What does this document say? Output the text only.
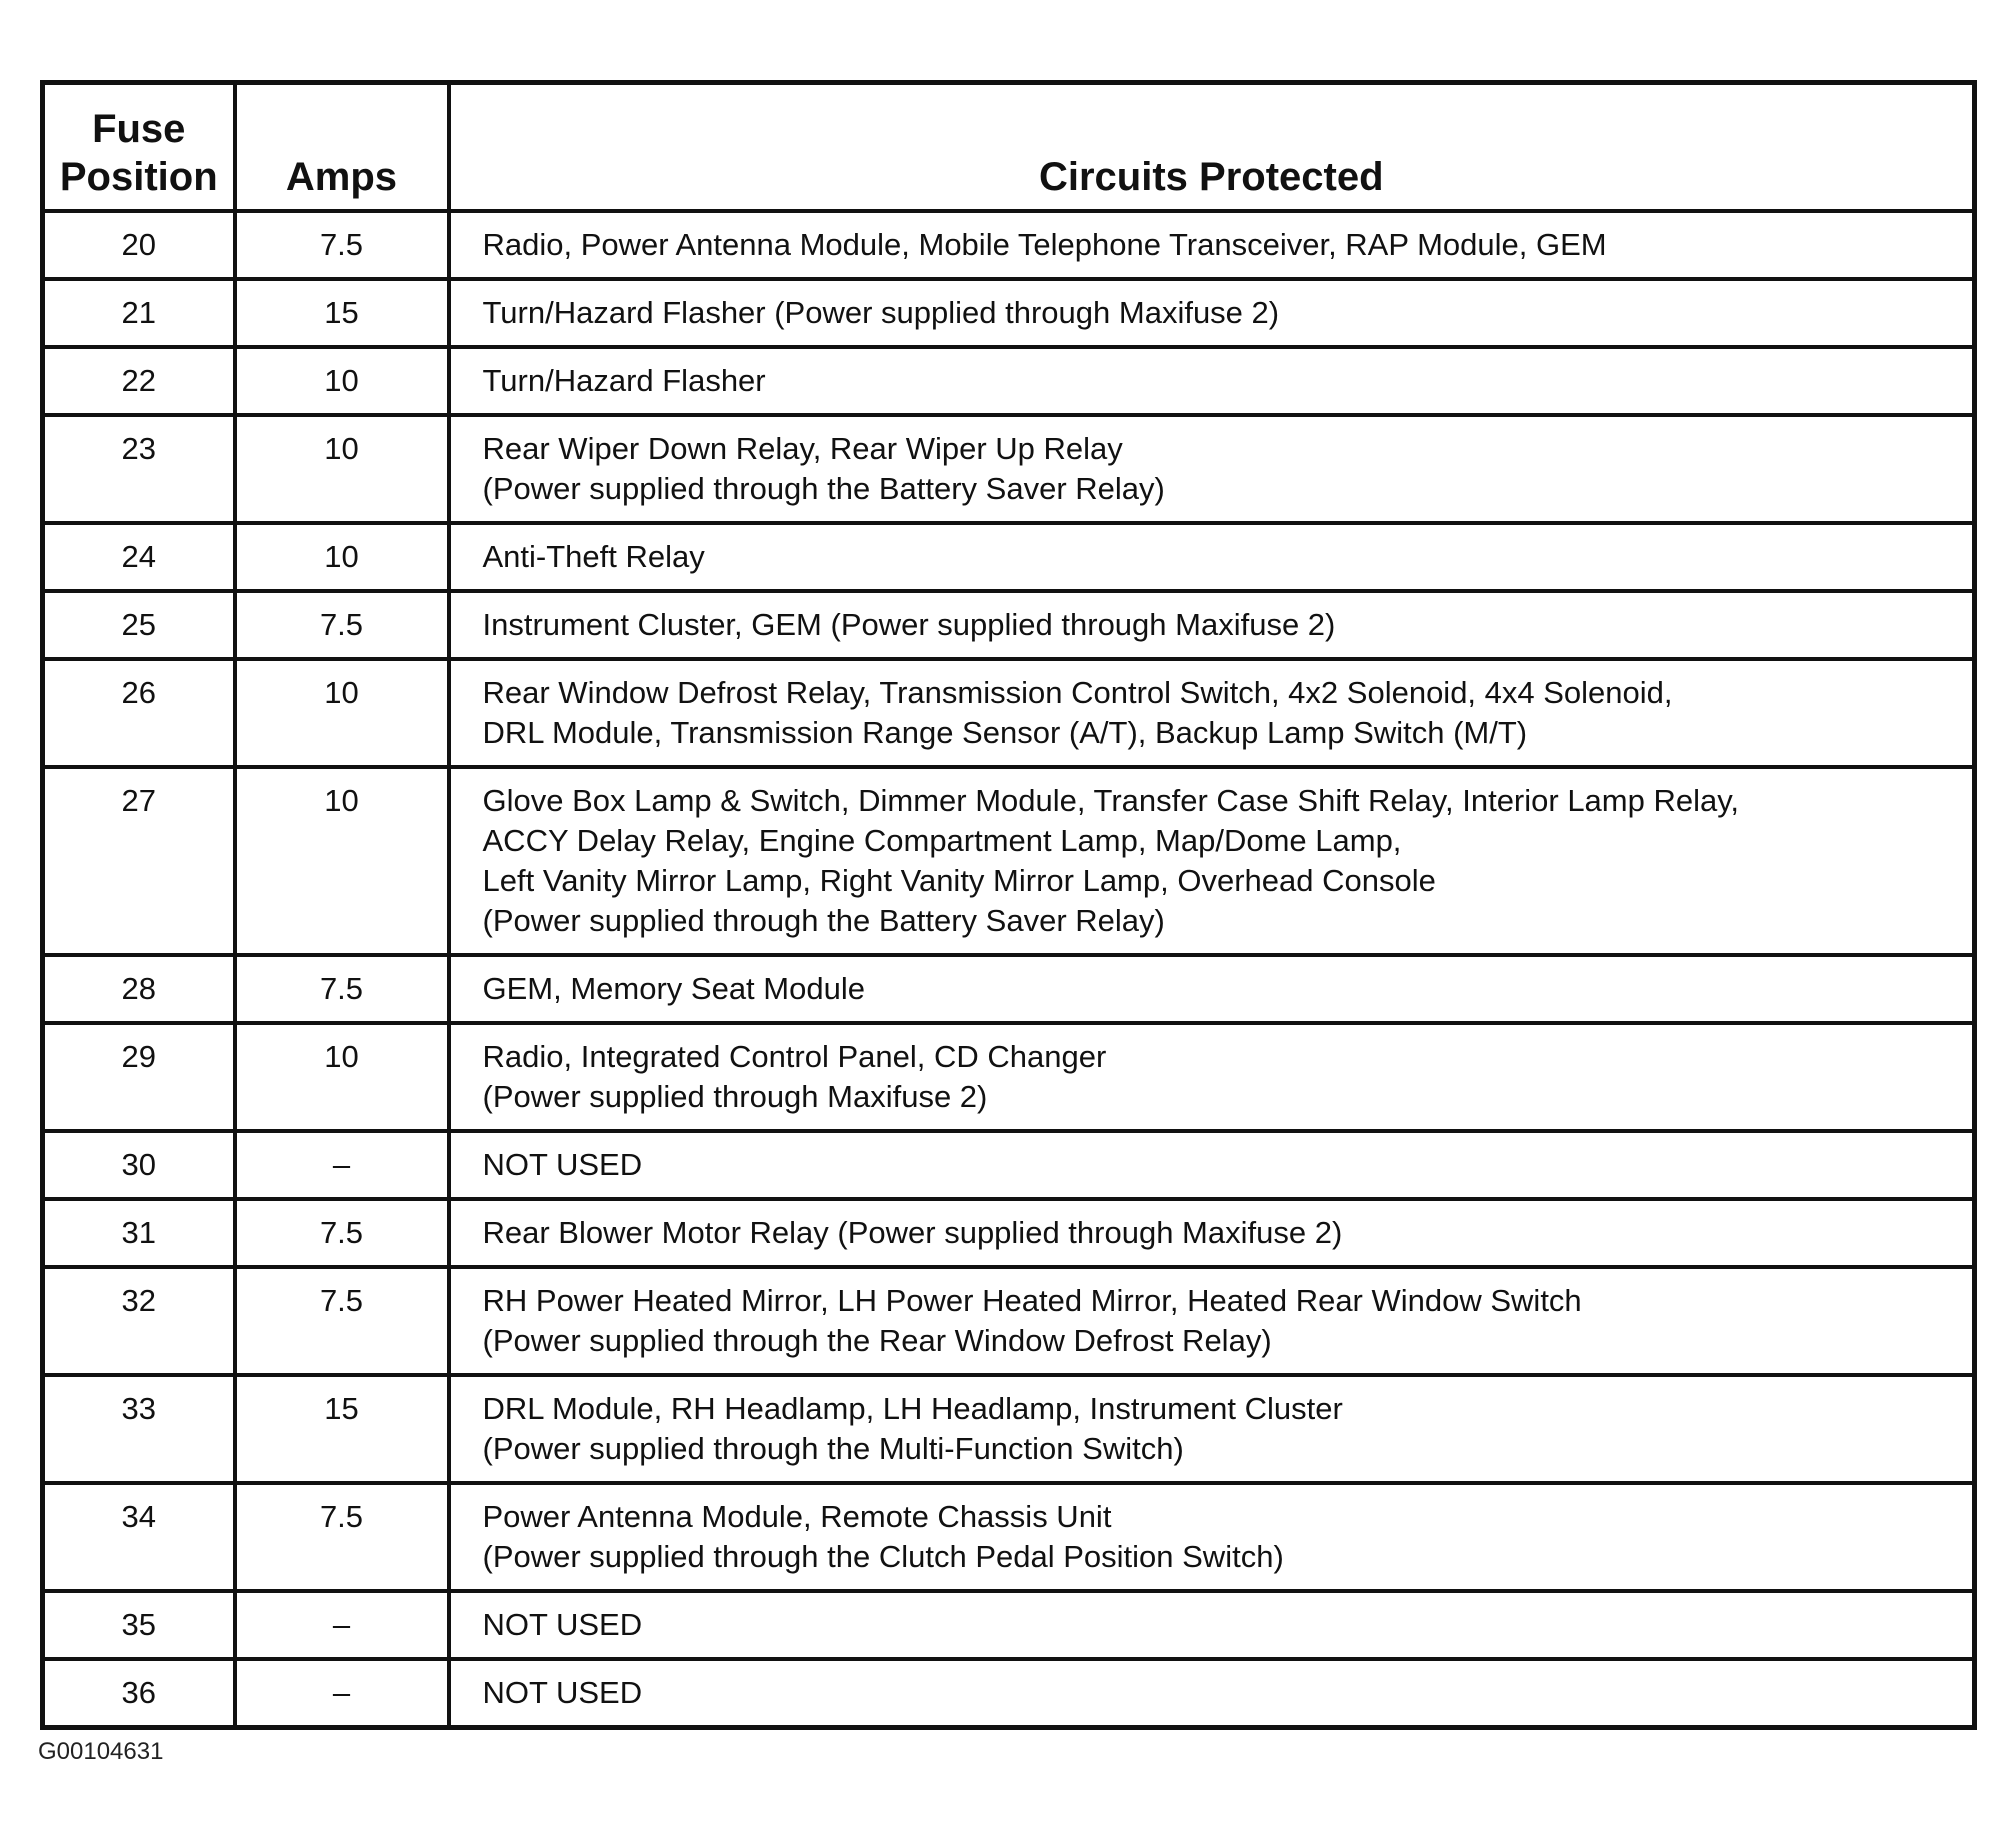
Fuse
Position	Amps	Circuits Protected
20	7.5	Radio, Power Antenna Module, Mobile Telephone Transceiver, RAP Module, GEM
21	15	Turn/Hazard Flasher (Power supplied through Maxifuse 2)
22	10	Turn/Hazard Flasher
23	10	Rear Wiper Down Relay, Rear Wiper Up Relay
(Power supplied through the Battery Saver Relay)
24	10	Anti-Theft Relay
25	7.5	Instrument Cluster, GEM (Power supplied through Maxifuse 2)
26	10	Rear Window Defrost Relay, Transmission Control Switch, 4x2 Solenoid, 4x4 Solenoid,
DRL Module, Transmission Range Sensor (A/T), Backup Lamp Switch (M/T)
27	10	Glove Box Lamp & Switch, Dimmer Module, Transfer Case Shift Relay, Interior Lamp Relay,
ACCY Delay Relay, Engine Compartment Lamp, Map/Dome Lamp,
Left Vanity Mirror Lamp, Right Vanity Mirror Lamp, Overhead Console
(Power supplied through the Battery Saver Relay)
28	7.5	GEM, Memory Seat Module
29	10	Radio, Integrated Control Panel, CD Changer
(Power supplied through Maxifuse 2)
30	–	NOT USED
31	7.5	Rear Blower Motor Relay (Power supplied through Maxifuse 2)
32	7.5	RH Power Heated Mirror, LH Power Heated Mirror, Heated Rear Window Switch
(Power supplied through the Rear Window Defrost Relay)
33	15	DRL Module, RH Headlamp, LH Headlamp, Instrument Cluster
(Power supplied through the Multi-Function Switch)
34	7.5	Power Antenna Module, Remote Chassis Unit
(Power supplied through the Clutch Pedal Position Switch)
35	–	NOT USED
36	–	NOT USED
G00104631
